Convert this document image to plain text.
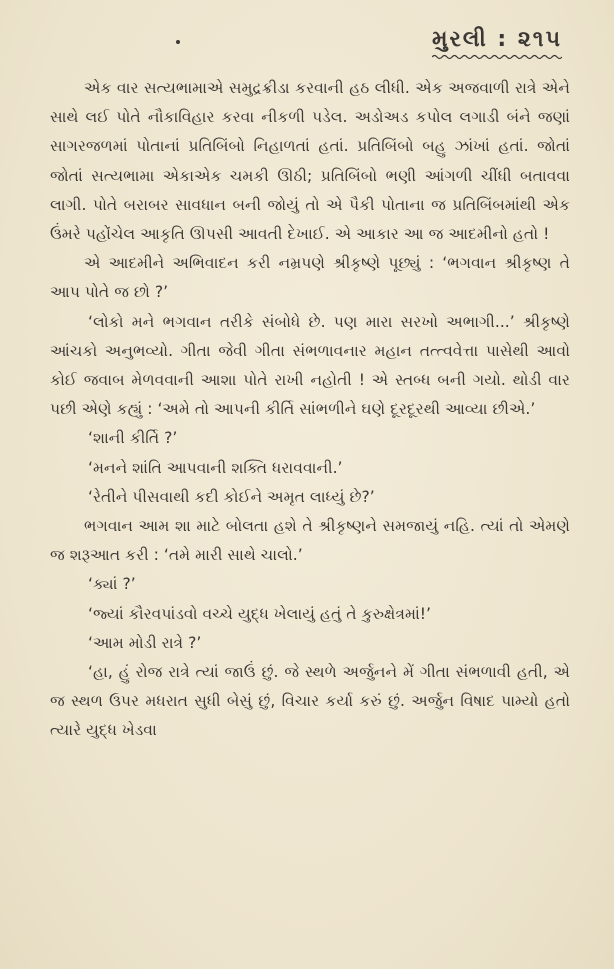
મુરલી : ૨૧૫

એક વાર સત્યભામાએ સમુદ્રક્રીડા કરવાની હઠ લીધી. એક અજવાળી રાત્રે એને સાથે લઈ પોતે નૌકાવિહાર કરવા નીકળી પડેલ. અડોઅડ કપોલ લગાડી બંને જણાં સાગરજળમાં પોતાનાં પ્રતિબિંબો નિહાળતાં હતાં. પ્રતિબિંબો બહુ ઝાંખાં હતાં. જોતાં જોતાં સત્યભામા એકાએક ચમકી ઊઠી; પ્રતિબિંબો ભણી આંગળી ચીંધી બતાવવા લાગી. પોતે બરાબર સાવધાન બની જોયું તો એ પૈકી પોતાના જ પ્રતિબિંબમાંથી એક ઉંમરે પહોંચેલ આકૃતિ ઊપસી આવતી દેખાઈ. એ આકાર આ જ આદમીનો હતો !

એ આદમીને અભિવાદન કરી નમ્રપણે શ્રીકૃષ્ણે પૂછ્યું : ‘ભગવાન શ્રીકૃષ્ણ તે આપ પોતે જ છો ?’

‘લોકો મને ભગવાન તરીકે સંબોધે છે. પણ મારા સરખો અભાગી...’ શ્રીકૃષ્ણે આંચકો અનુભવ્યો. ગીતા જેવી ગીતા સંભળાવનાર મહાન તત્ત્વવેત્તા પાસેથી આવો કોઈ જવાબ મેળવવાની આશા પોતે રાખી નહોતી ! એ સ્તબ્ધ બની ગયો. થોડી વાર પછી એણે કહ્યું : ‘અમે તો આપની કીર્તિ સાંભળીને ઘણે દૂરદૂરથી આવ્યા છીએ.’

‘શાની કીર્તિ ?’

‘મનને શાંતિ આપવાની શક્તિ ધરાવવાની.’

‘રેતીને પીસવાથી કદી કોઈને અમૃત લાધ્યું છે?’

ભગવાન આમ શા માટે બોલતા હશે તે શ્રીકૃષ્ણને સમજાયું નહિ. ત્યાં તો એમણે જ શરૂઆત કરી : ‘તમે મારી સાથે ચાલો.’

‘ક્યાં ?’

‘જ્યાં કૌરવપાંડવો વચ્ચે યુદ્ધ ખેલાયું હતું તે કુરુક્ષેત્રમાં!’

‘આમ મોડી રાત્રે ?’

‘હા, હું રોજ રાત્રે ત્યાં જાઉં છું. જે સ્થળે અર્જુનને મેં ગીતા સંભળાવી હતી, એ જ સ્થળ ઉપર મધરાત સુધી બેસું છું, વિચાર કર્યા કરું છું. અર્જુન વિષાદ પામ્યો હતો ત્યારે યુદ્ધ ખેડવા
